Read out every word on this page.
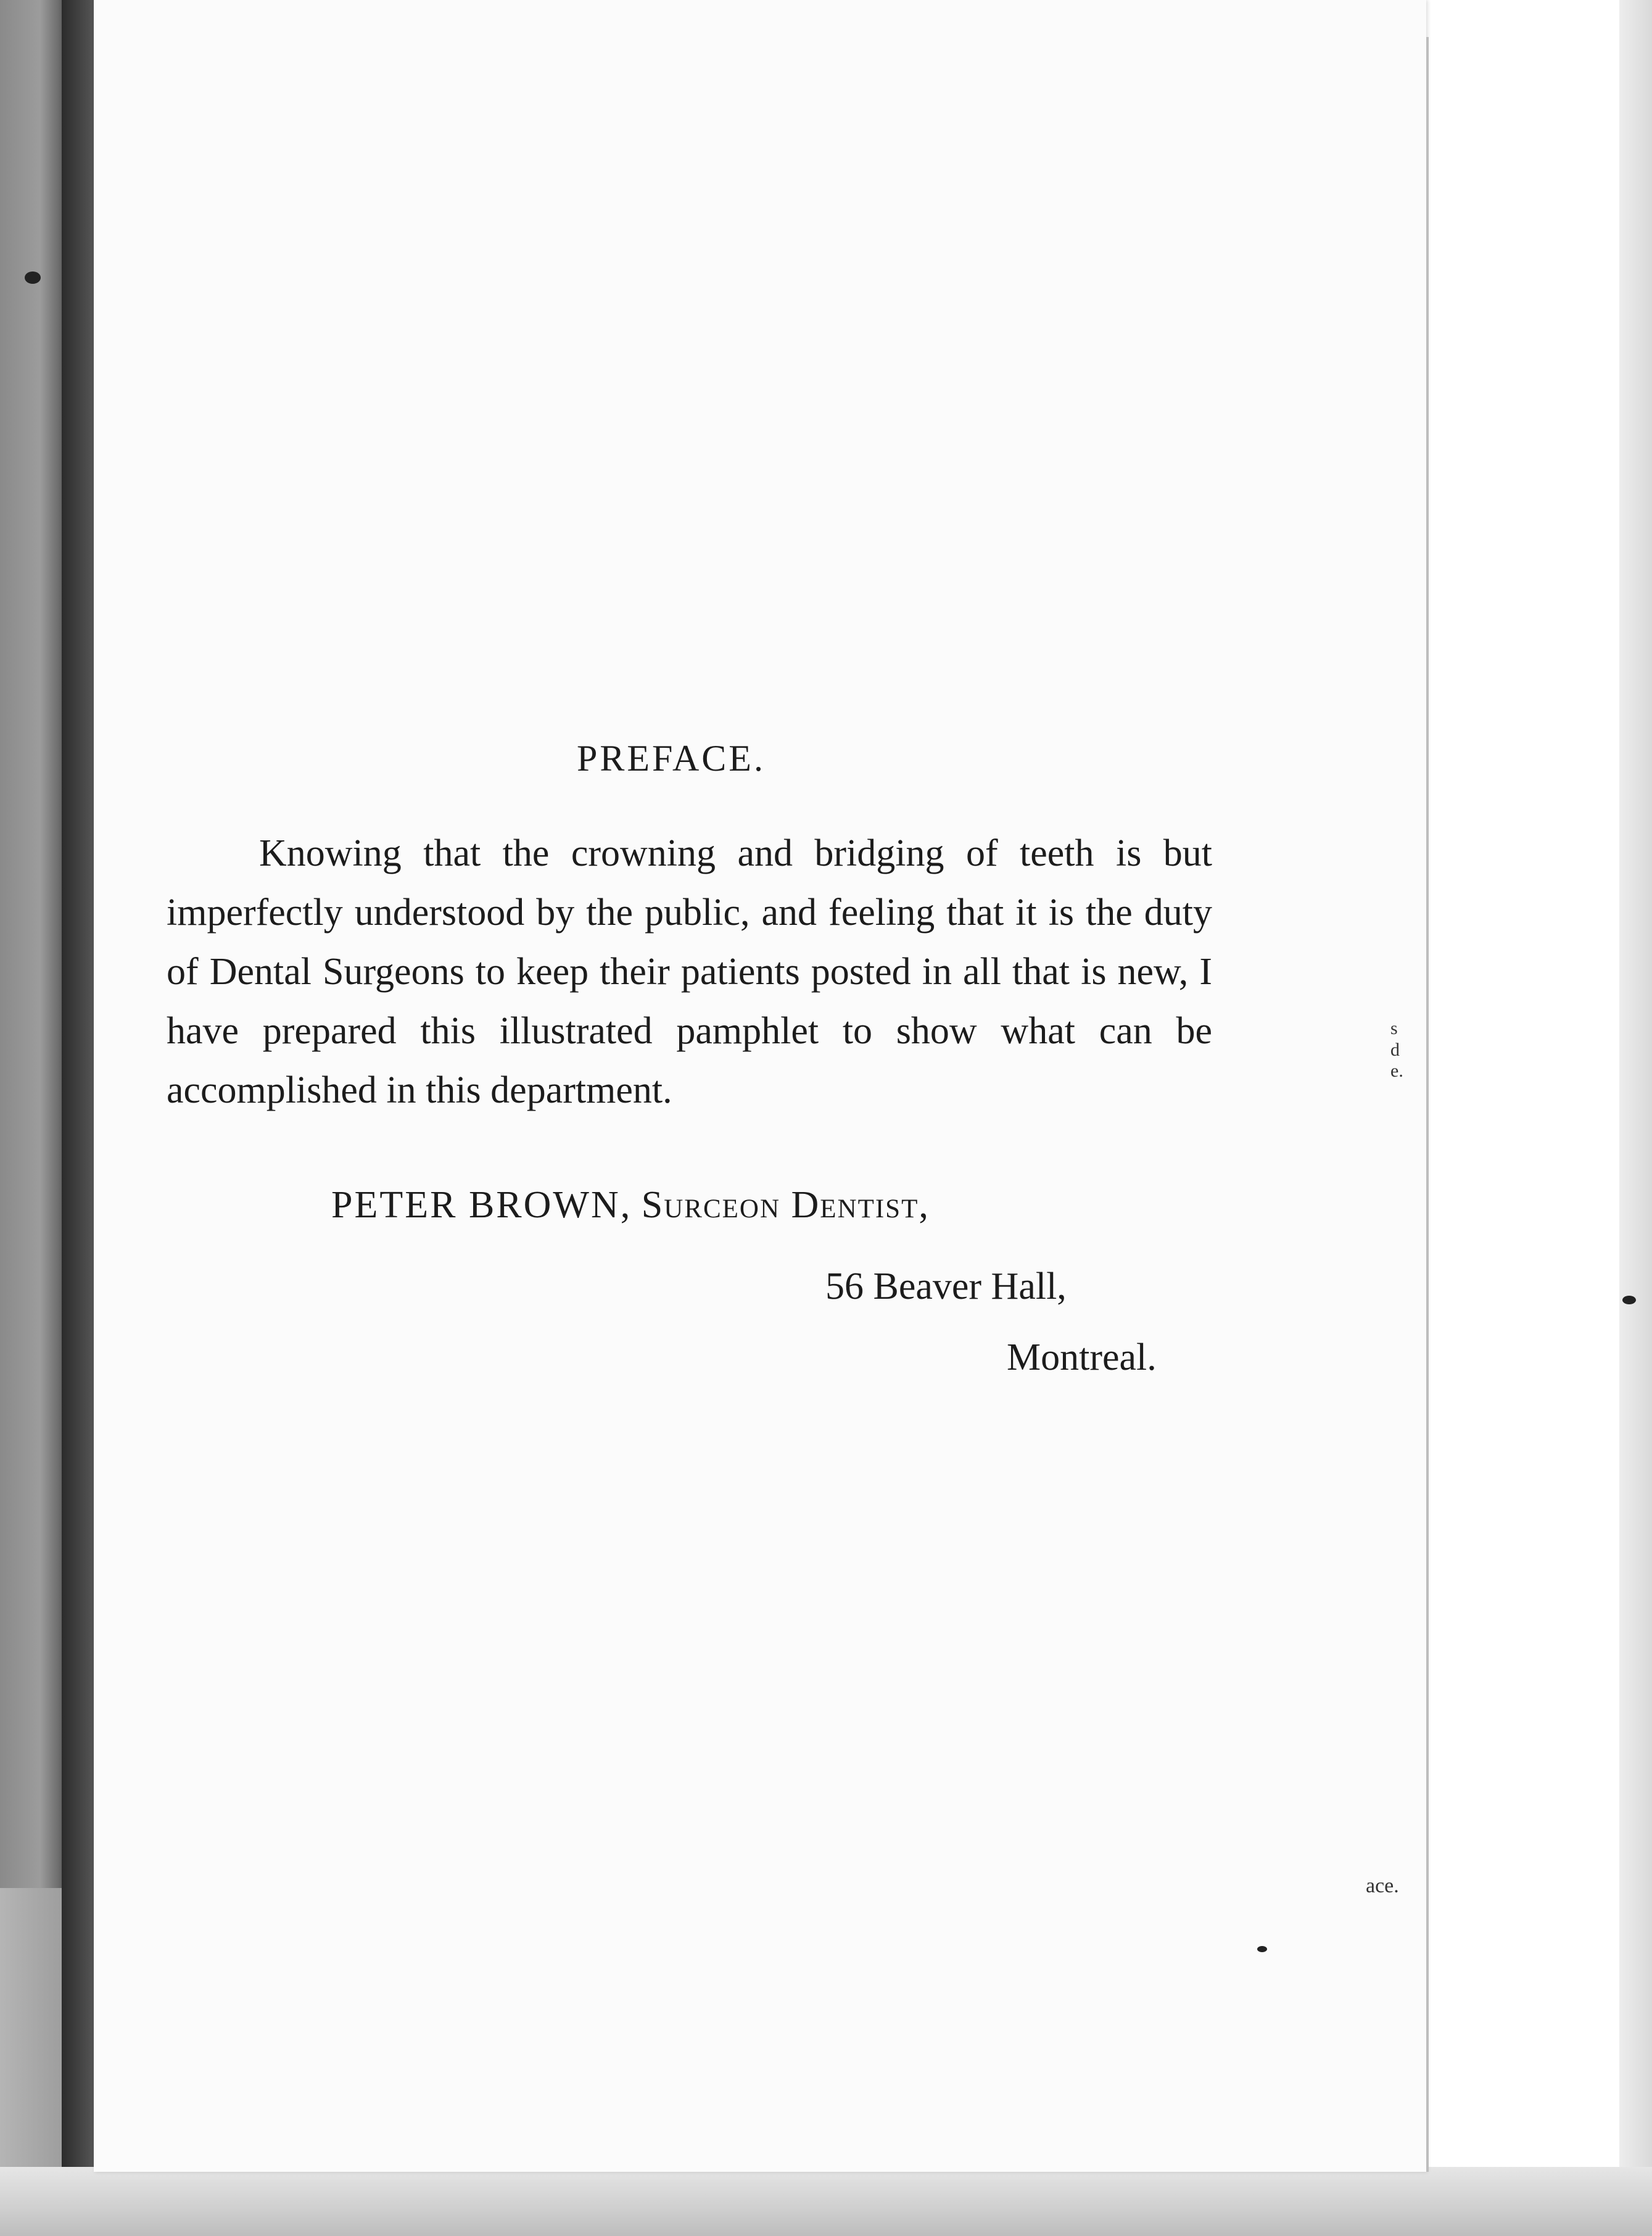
s
d
e.
ace.
PREFACE.

Knowing that the crowning and bridging of teeth is but imperfectly understood by the public, and feeling that it is the duty of Dental Surgeons to keep their patients posted in all that is new, I have prepared this illustrated pamphlet to show what can be accomplished in this department.

PETER BROWN, Surceon Dentist,
56 Beaver Hall,
Montreal.
